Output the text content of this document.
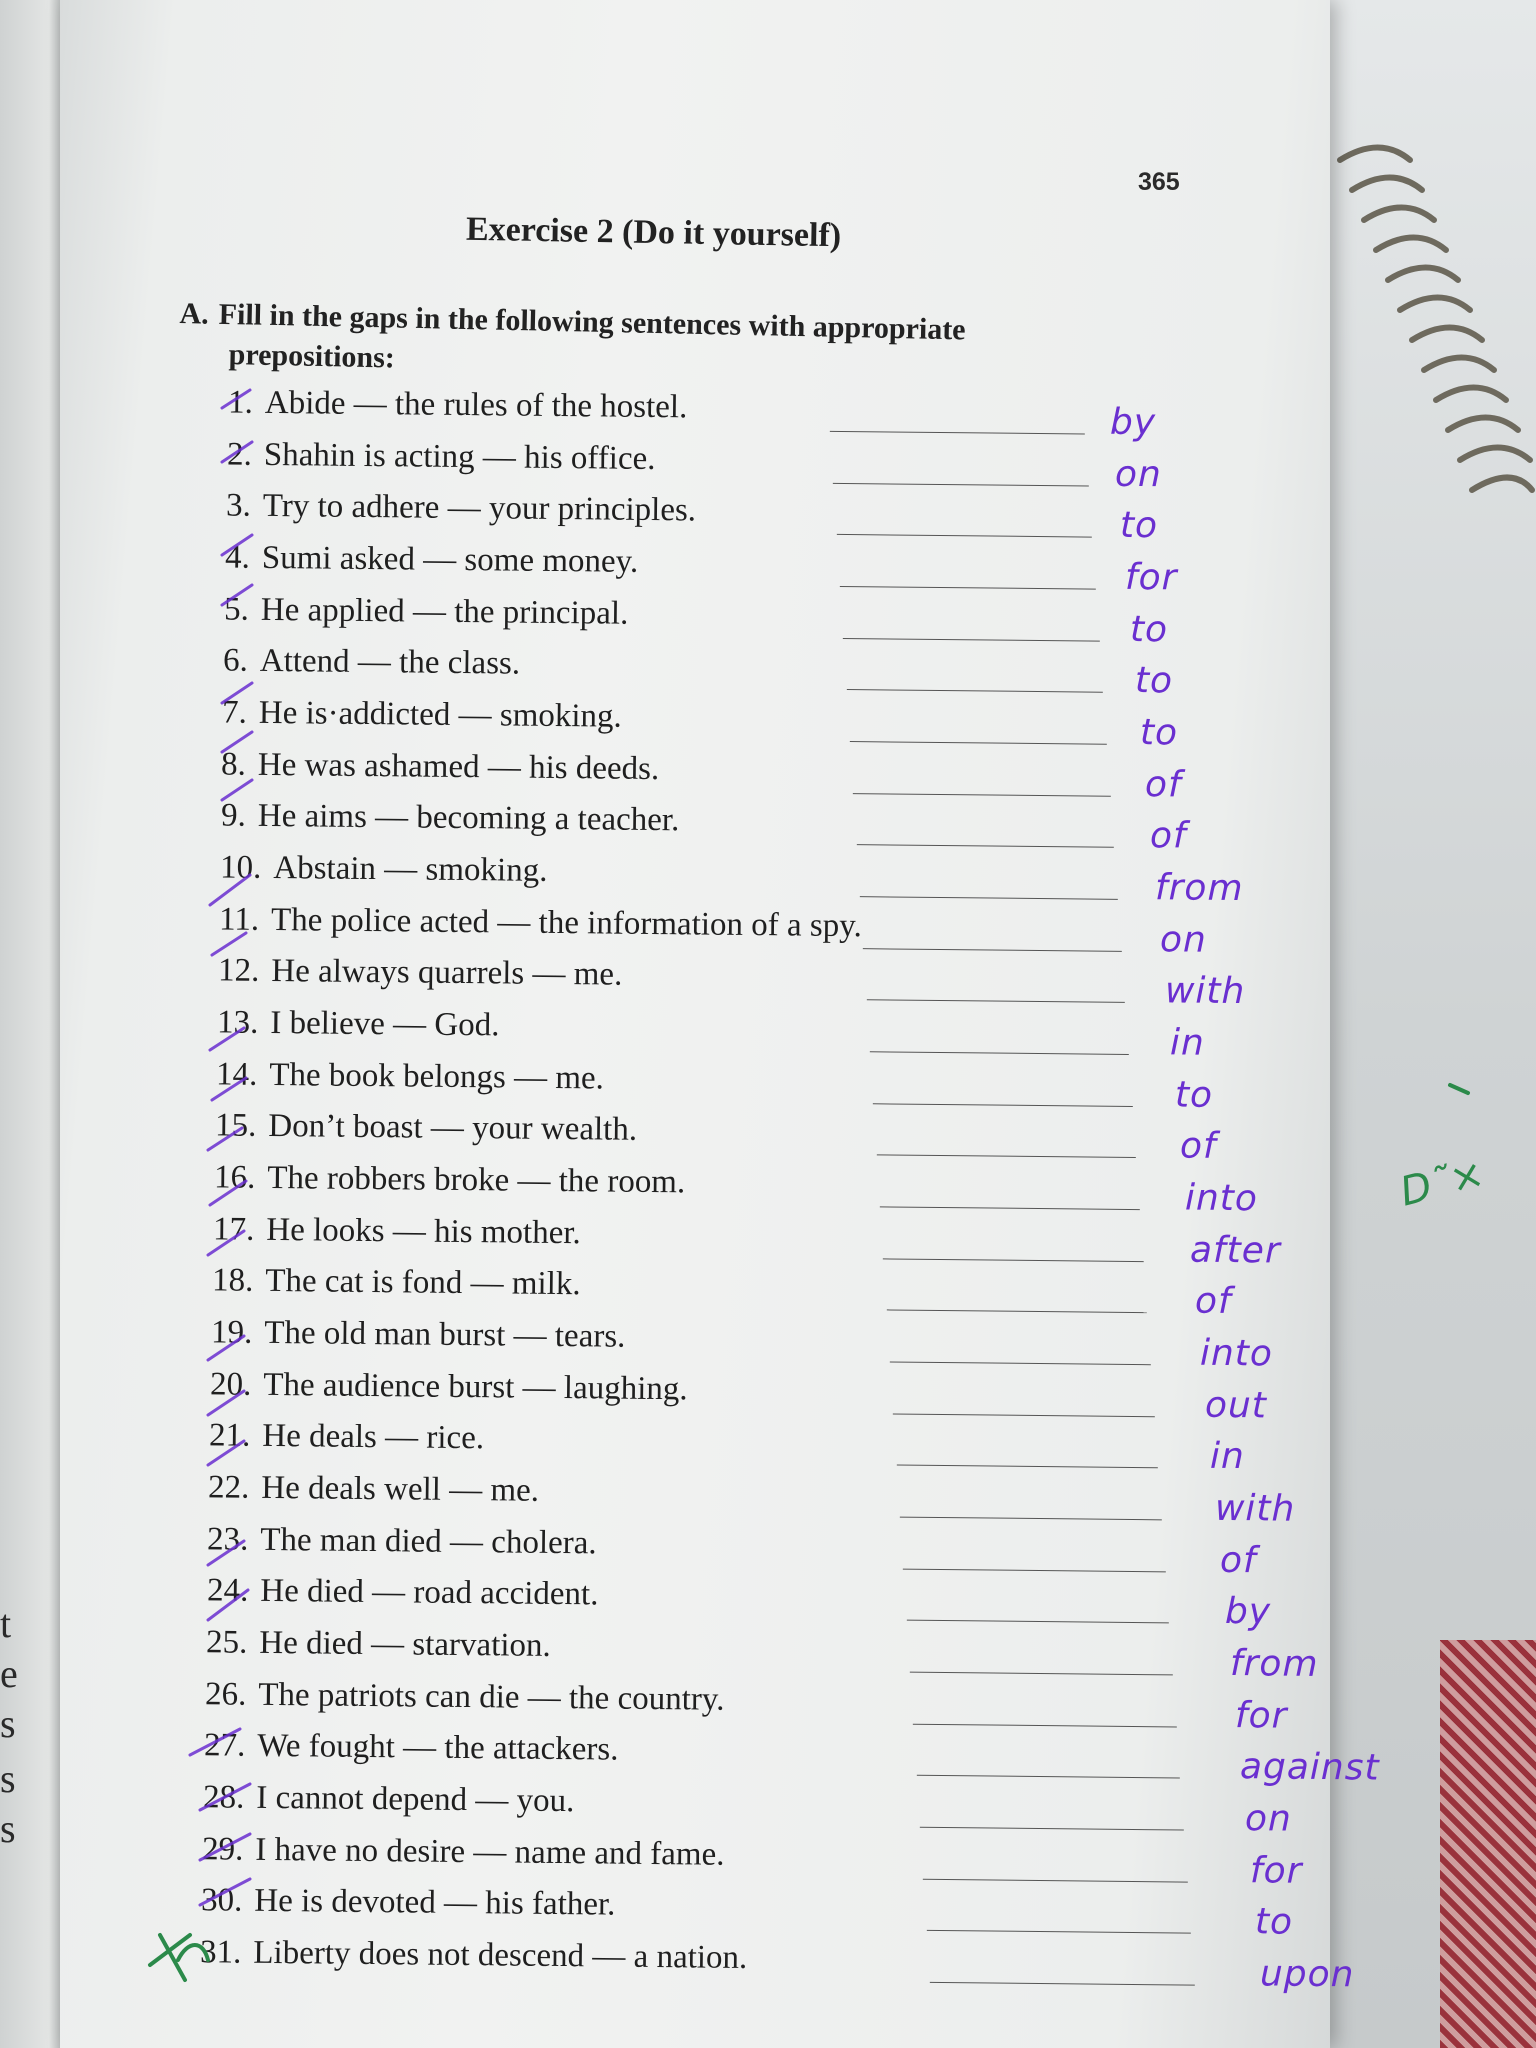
t
e
s
s
s
365
Exercise 2 (Do it yourself)
A. Fill in the gaps in the following sentences with appropriate
prepositions:
1. Abide — the rules of the hostel.	by
2. Shahin is acting — his office.	on
3. Try to adhere — your principles.	to
4. Sumi asked — some money.	for
5. He applied — the principal.	to
6. Attend — the class.	to
7. He is·addicted — smoking.	to
8. He was ashamed — his deeds.	of
9. He aims — becoming a teacher.	of
10. Abstain — smoking.	from
11. The police acted — the information of a spy.	on
12. He always quarrels — me.	with
13. I believe — God.	in
14. The book belongs — me.	to
15. Don’t boast — your wealth.	of
16. The robbers broke — the room.	into
17. He looks — his mother.	after
18. The cat is fond — milk.	of
19. The old man burst — tears.	into
20. The audience burst — laughing.	out
21. He deals — rice.	in
22. He deals well — me.	with
23. The man died — cholera.	of
24. He died — road accident.	by
25. He died — starvation.	from
26. The patriots can die — the country.	for
27. We fought — the attackers.	against
28. I cannot depend — you.	on
29. I have no desire — name and fame.	for
30. He is devoted — his father.	to
31. Liberty does not descend — a nation.	upon
D˜×
